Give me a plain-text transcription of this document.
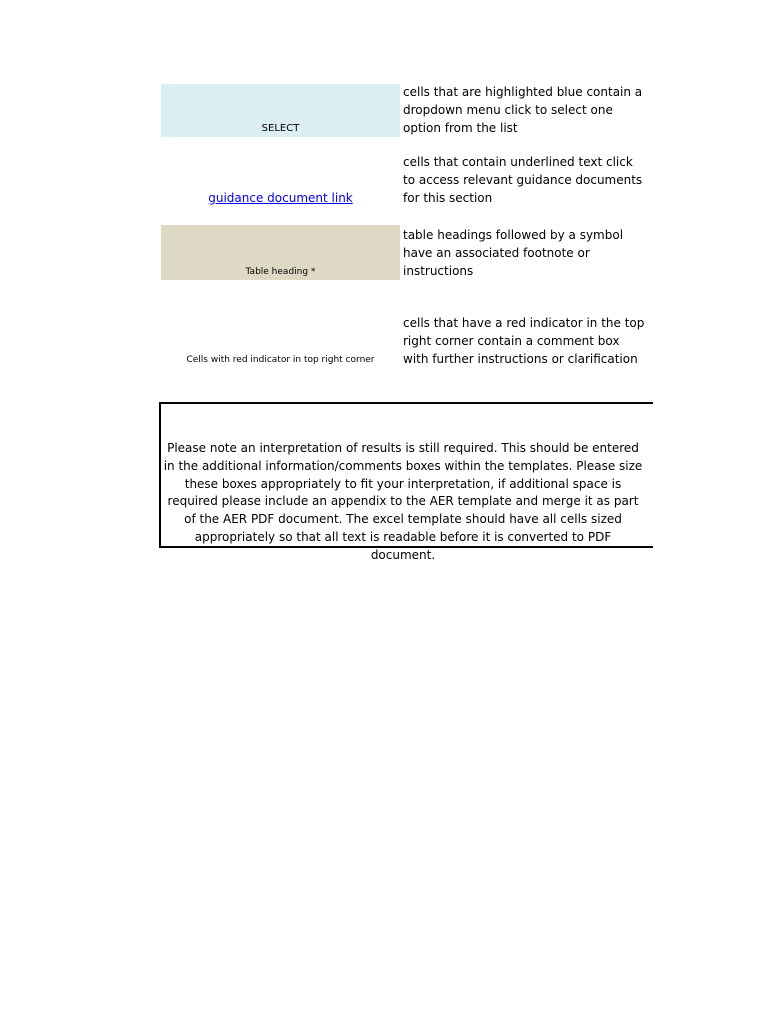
SELECT
cells that are highlighted blue contain a dropdown menu click to select one option from the list
guidance document link
cells that contain underlined text click to access relevant guidance documents for this section
Table heading *
table headings followed by a symbol have an associated footnote or instructions
Cells with red indicator in top right corner
cells that have a red indicator in the top right corner contain a comment box with further instructions or clarification
Please note an interpretation of results is still required. This should be entered in the additional information/comments boxes within the templates. Please size these boxes appropriately to fit your interpretation, if additional space is required please include an appendix to the AER template and merge it as part of the AER PDF document. The excel template should have all cells sized appropriately so that all text is readable before it is converted to PDF document.
